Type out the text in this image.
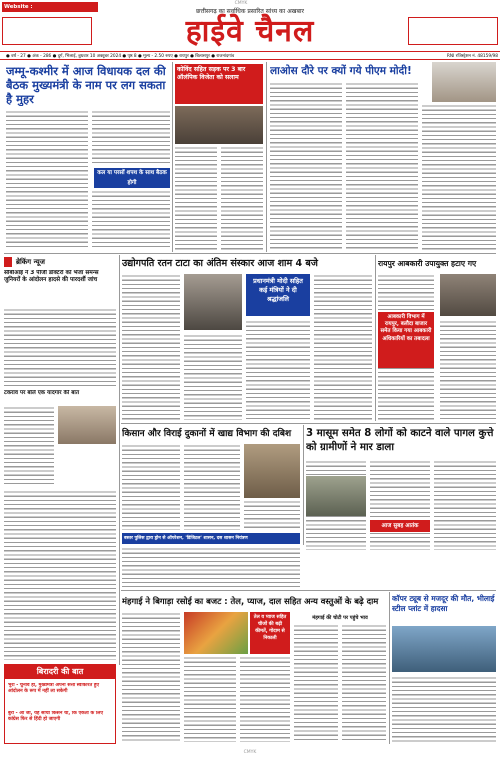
Website : www.highwaychannel.in
CMYK
छत्तीसगढ़ का सर्वाधिक प्रसारित सांध्य का अखबार
हाईवे चैनल
● वर्ष - 27 ● अंक - 286 ● दुर्ग, भिलाई, बुधवार 10 अक्टूबर 2024 ● पृष्ठ 8 ● मूल्य - 2.50 रुपए ● रायपुर ● बिलासपुर ● राजनांदगांव	RNI रजिस्ट्रेशन नं. 48159/98
जम्मू-कश्मीर में आज विधायक दल की बैठक मुख्यमंत्री के नाम पर लग सकता है मुहर
कल या परसों शपथ के साथ बैठक होगी
कोविंद सहित सड़क पर 3 बार ऑलंपिक विजेता को सलाम
लाओस दौरे पर क्यों गये पीएम मोदी!
ब्रेकिंग न्यूज
सीबीआई ने 3 पीजी डॉक्टरों को भेजा समन्स जुनियरों के आंदोलन हादसे की पारदर्शी जांच
टकराव पर बोले एक यादगार की बात
उद्योगपति रतन टाटा का अंतिम संस्कार आज शाम 4 बजे
प्रधानमंत्री मोदी सहित कई मंत्रियों ने दी श्रद्धांजलि
रायपुर आबकारी उपायुक्त हटाए गए
आबकारी विभाग में रायपुर, बलौदा बाजार समेत किया गया आबकारी अधिकारियों का तबादला
किसान और विराई दुकानों में खाद्य विभाग की दबिश	3 मासूम समेत 8 लोगों को काटने वाले पागल कुत्ते को ग्रामीणों ने मार डाला
आज सुबह आतंक
बस्तर पुलिस द्वारा ड्रोन से ऑपरेशन, 'डिजिटल' शासन, दस शासन नियंत्रण
मंहगाई ने बिगाड़ा रसोई का बजट : तेल, प्याज, दाल सहित अन्य वस्तुओं के बढ़े दाम
तेल व प्याज सहित चीजों की बढ़ी कीमतें, गोदाम से निकाली
मंहगाई की चोटी पर पहुंचे भाव
कॉपर ट्यूब से मजदूर की मौत, भीलाई स्टील प्लांट में हादसा
बिरादरी की बात
भुरा - चुनाव हो, मुख्यमंत्री अपनी सत्ता स्वीकारते हुए आंदोलन के रूप में नहीं ला सकेगी
बुरा - ओ जी, यह सोचा किसने था, कि एकता के लिए कांग्रेस फिर से हिंदी हो जाएगी
CMYK
